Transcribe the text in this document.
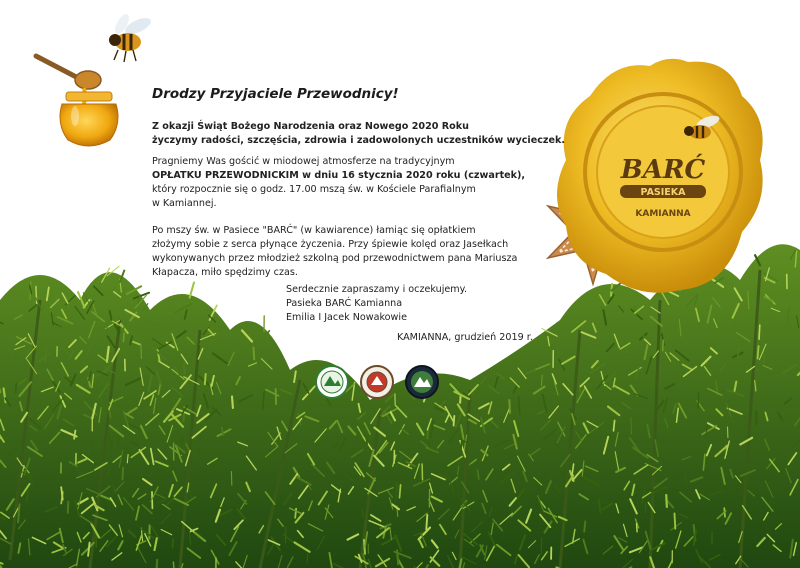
BARĆ
PASIEKA
KAMIANNA
Drodzy Przyjaciele Przewodnicy!
Z okazji Świąt Bożego Narodzenia oraz Nowego 2020 Roku
życzymy radości, szczęścia, zdrowia i zadowolonych uczestników wycieczek.
Pragniemy Was gościć w miodowej atmosferze na tradycyjnym
OPŁATKU PRZEWODNICKIM w dniu 16 stycznia 2020 roku (czwartek),
który rozpocznie się o godz. 17.00 mszą św. w Kościele Parafialnym
w Kamiannej.
Po mszy św. w Pasiece "BARĆ" (w kawiarence) łamiąc się opłatkiem
złożymy sobie z serca płynące życzenia. Przy śpiewie kolęd oraz Jasełkach
wykonywanych przez młodzież szkolną pod przewodnictwem pana Mariusza
Kłapacza, miło spędzimy czas.
Serdecznie zapraszamy i oczekujemy.
Pasieka BARĆ Kamianna
Emilia I Jacek Nowakowie
KAMIANNA, grudzień 2019 r.
